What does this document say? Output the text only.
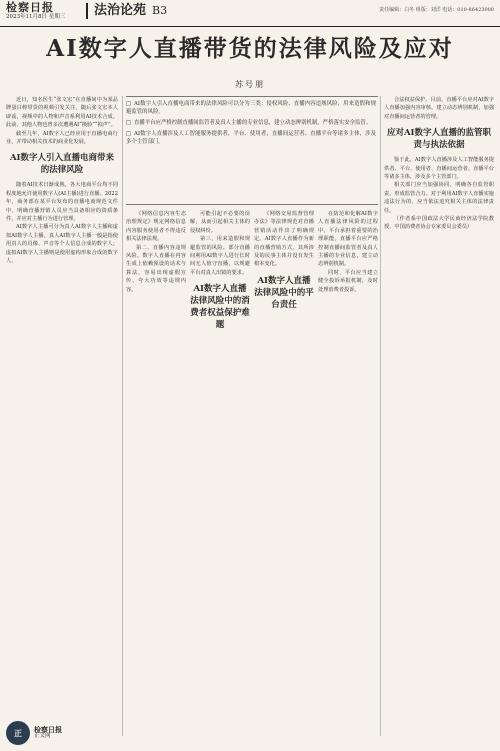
检察日报
2023年11月8日 星期三	法治论苑 B3	责任编辑：白冬 组版：刘洋 电话：010-86423000
AI数字人直播带货的法律风险及应对
苏号朋
□ AI数字人引入直播电商带来的法律风险可以分为三类：侵权风险、直播内容违规风险，用来造假和规避监管的风险。
□ 直播平台应严格控制直播间监管者及真人主播的专业信息，建立动态辨别机制，严格落实安全监管。
□ AI数字人直播涉及人工智能服务提供者，平台、使用者，直播间运营者、直播平台等诸多主体，涉及多个主管部门。

近日，知名医生“张文宏”在直播间中为某品牌蛋白棒带货的视频引发关注，随后张文宏本人辟谣，视频中的人物和声音系利用AI技术合成。此前，其他人物也曾多次遭遇AI“换脸”“拟声”。

截至几年，AI数字人已经应用于直播电商行业，并带动相关技术的商业化发展。

AI数字人引入直播电商带来的法律风险

随着AI技术日渐成熟，各大电商平台均不同程度地允许使用数字人(AI主播)进行直播。2022年，商务部在某平台发布的直播电商规范文件中，明确直播营销人员应当具备相应的资质条件，并应对主播行为进行管理。

AI数字人主播可分为真人AI数字人主播和虚拟AI数字人主播。真人AI数字人主播一般是指使用真人的肖像、声音等个人信息合成的数字人；虚拟AI数字人主播则是使用虚构形象合成的数字人。

《网络信息内容生态治理规定》规定网络信息内容服务使用者不得违反相关法律法规。

第二，直播内容违规风险。数字人直播在内容生成上依赖预设的话术与算法，容易出现虚假宣传、夸大功效等违规内容。

可能引起不必要的误解，从而引起相关主体的侵权纠纷。

第三，用来造假和规避监管的风险。部分直播间利用AI数字人进行长时间无人值守直播，以规避平台对真人出镜的要求。

AI数字人直播法律风险中的消费者权益保护难题

《网络交易监督管理办法》等法律规范对直播营销活动作出了明确规定。AI数字人直播作为新的直播营销方式，其所涉及的民事主体并没有发生根本变化。

AI数字人直播法律风险中的平台责任

在防范和化解AI数字人直播法律风险的过程中，平台承担着重要的治理职能。直播平台应严格控制直播间监管者及真人主播的专业信息，建立动态辨别机制。

同时，平台应当建立健全投诉举报机制，及时处理消费者投诉。

合法权益保护。目前，直播平台应对AI数字人直播加强内容审核，建立动态辨别机制，加强对直播间运营者的管理。

应对AI数字人直播的监管职责与执法依据

鉴于此，AI数字人直播涉及人工智能服务提供者、平台、使用者、直播间运营者、直播平台等诸多主体，涉及多个主管部门。

相关部门应当加强协同，明确各自监管职责，形成监管合力。对于利用AI数字人直播实施违法行为的，应当依法追究相关主体的法律责任。

（作者系中国政法大学民商经济法学院教授、中国消费者协会专家委员会委员）

正	检察日报
正义网
